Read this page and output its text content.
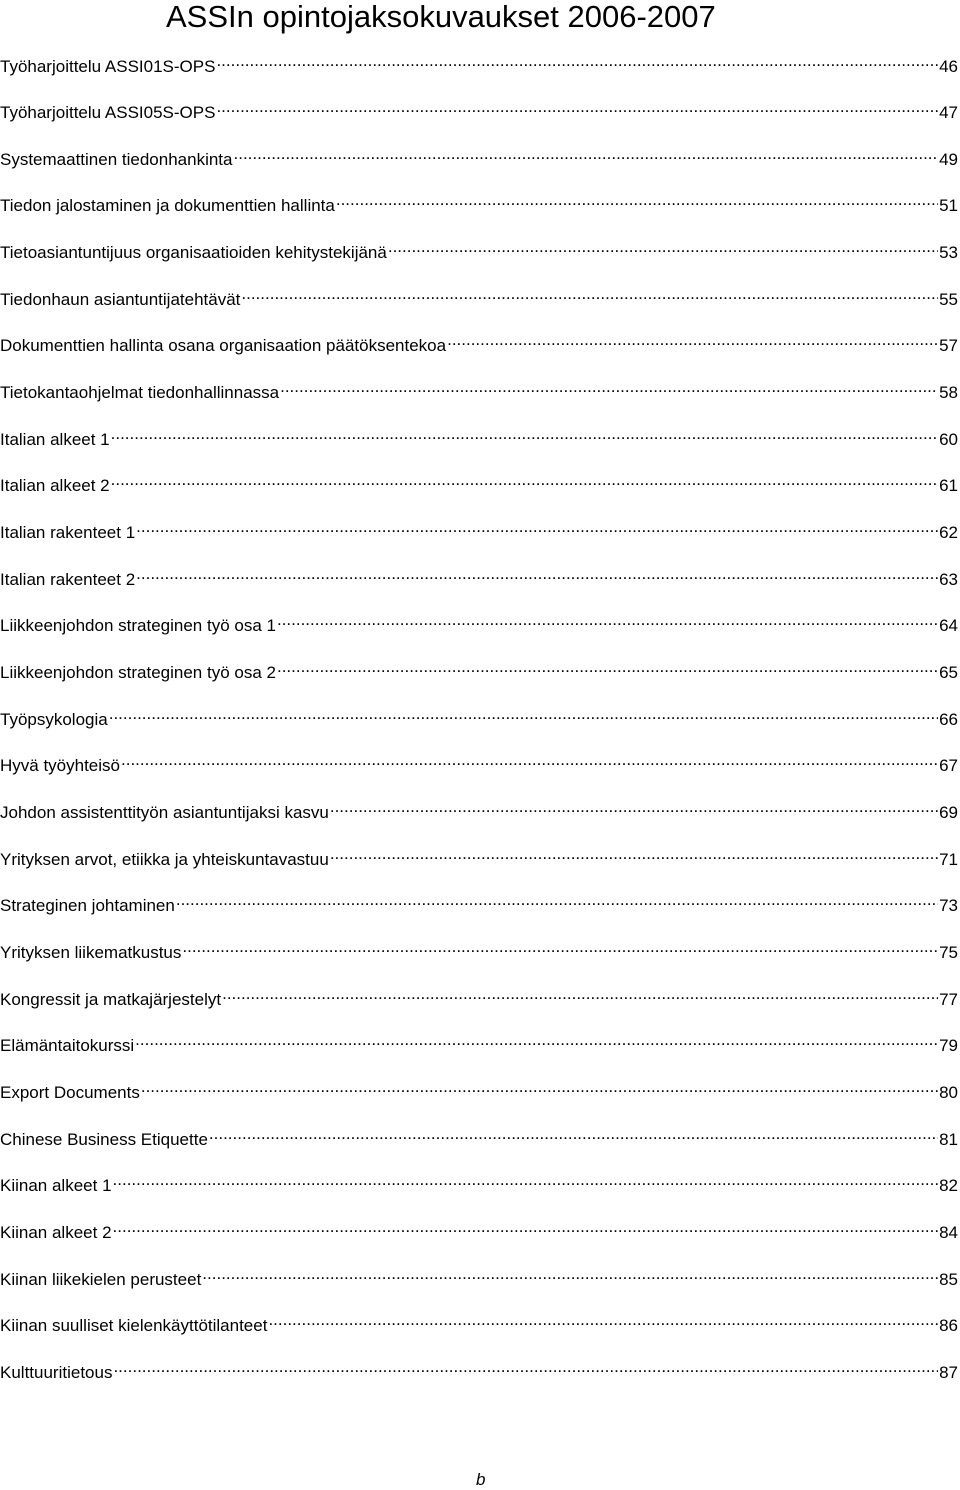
ASSIn opintojaksokuvaukset 2006-2007
Työharjoittelu ASSI01S-OPS .....	46
Työharjoittelu ASSI05S-OPS .....	47
Systemaattinen tiedonhankinta .....	49
Tiedon jalostaminen ja dokumenttien hallinta .....	51
Tietoasiantuntijuus organisaatioiden kehitystekijänä .....	53
Tiedonhaun asiantuntijatehtävät .....	55
Dokumenttien hallinta osana organisaation päätöksentekoa .....	57
Tietokantaohjelmat tiedonhallinnassa .....	58
Italian alkeet 1 .....	60
Italian alkeet 2 .....	61
Italian rakenteet 1 .....	62
Italian rakenteet 2 .....	63
Liikkeenjohdon strateginen työ osa 1 .....	64
Liikkeenjohdon strateginen työ osa 2 .....	65
Työpsykologia .....	66
Hyvä työyhteisö .....	67
Johdon assistenttityön asiantuntijaksi kasvu .....	69
Yrityksen arvot, etiikka ja yhteiskuntavastuu .....	71
Strateginen johtaminen .....	73
Yrityksen liikematkustus .....	75
Kongressit ja matkajärjestelyt .....	77
Elämäntaitokurssi .....	79
Export Documents .....	80
Chinese Business Etiquette .....	81
Kiinan alkeet 1 .....	82
Kiinan alkeet 2 .....	84
Kiinan liikekielen perusteet .....	85
Kiinan suulliset kielenkäyttötilanteet .....	86
Kulttuuritietous .....	87
b
